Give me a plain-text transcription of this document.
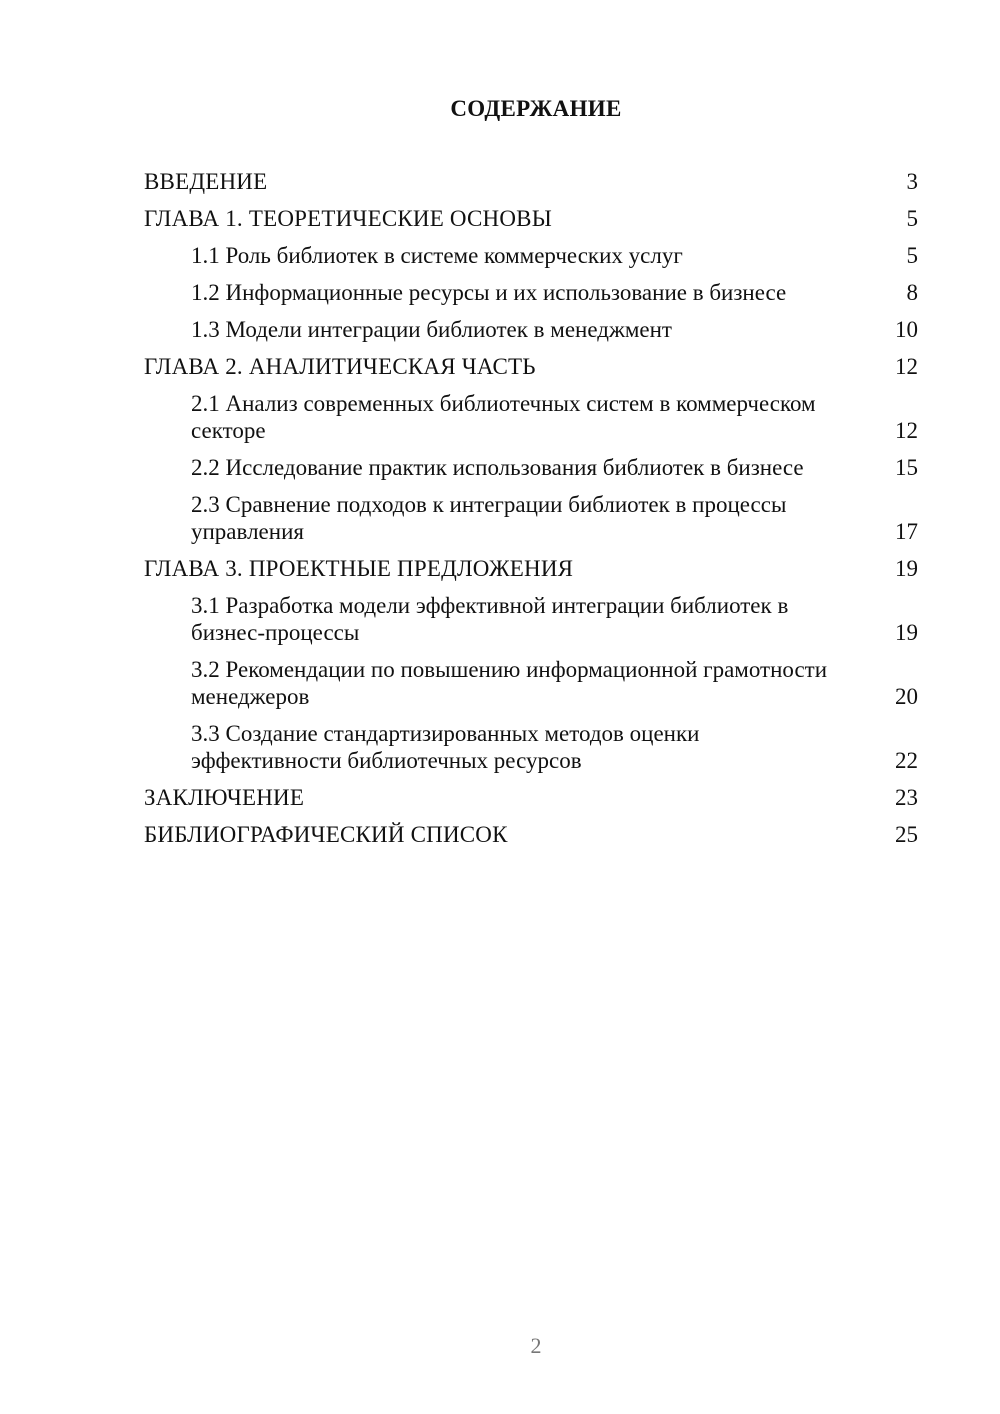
СОДЕРЖАНИЕ
ВВЕДЕНИЕ	3
ГЛАВА 1. ТЕОРЕТИЧЕСКИЕ ОСНОВЫ	5
1.1 Роль библиотек в системе коммерческих услуг	5
1.2 Информационные ресурсы и их использование в бизнесе	8
1.3 Модели интеграции библиотек в менеджмент	10
ГЛАВА 2. АНАЛИТИЧЕСКАЯ ЧАСТЬ	12
2.1 Анализ современных библиотечных систем в коммерческом секторе	12
2.2 Исследование практик использования библиотек в бизнесе	15
2.3 Сравнение подходов к интеграции библиотек в процессы управления	17
ГЛАВА 3. ПРОЕКТНЫЕ ПРЕДЛОЖЕНИЯ	19
3.1 Разработка модели эффективной интеграции библиотек в бизнес-процессы	19
3.2 Рекомендации по повышению информационной грамотности менеджеров	20
3.3 Создание стандартизированных методов оценки эффективности библиотечных ресурсов	22
ЗАКЛЮЧЕНИЕ	23
БИБЛИОГРАФИЧЕСКИЙ СПИСОК	25
2
